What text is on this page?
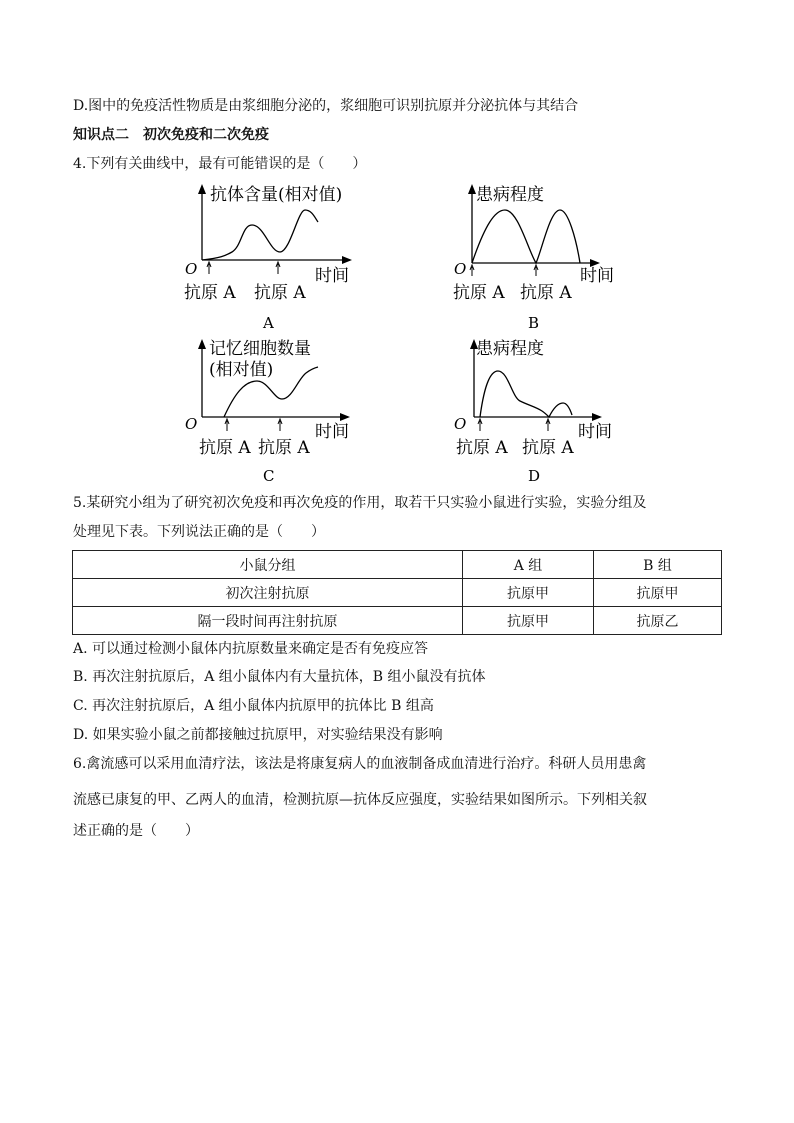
D.图中的免疫活性物质是由浆细胞分泌的，浆细胞可识别抗原并分泌抗体与其结合
知识点二　初次免疫和二次免疫
4.下列有关曲线中，最有可能错误的是（　　）
抗体含量(相对值)
O	时间
抗原 A 抗原 A
A
患病程度
O	时间
抗原 A 抗原 A
B
记忆细胞数量
(相对值)
O	时间
抗原 A 抗原 A
C
患病程度
O	时间
抗原 A 抗原 A
D
5.某研究小组为了研究初次免疫和再次免疫的作用，取若干只实验小鼠进行实验，实验分组及
处理见下表。下列说法正确的是（　　）
小鼠分组	A 组	B 组
初次注射抗原	抗原甲	抗原甲
隔一段时间再注射抗原	抗原甲	抗原乙
A. 可以通过检测小鼠体内抗原数量来确定是否有免疫应答
B. 再次注射抗原后，A 组小鼠体内有大量抗体，B 组小鼠没有抗体
C. 再次注射抗原后，A 组小鼠体内抗原甲的抗体比 B 组高
D. 如果实验小鼠之前都接触过抗原甲，对实验结果没有影响
6.禽流感可以采用血清疗法，该法是将康复病人的血液制备成血清进行治疗。科研人员用患禽
流感已康复的甲、乙两人的血清，检测抗原—抗体反应强度，实验结果如图所示。下列相关叙
述正确的是（　　）
